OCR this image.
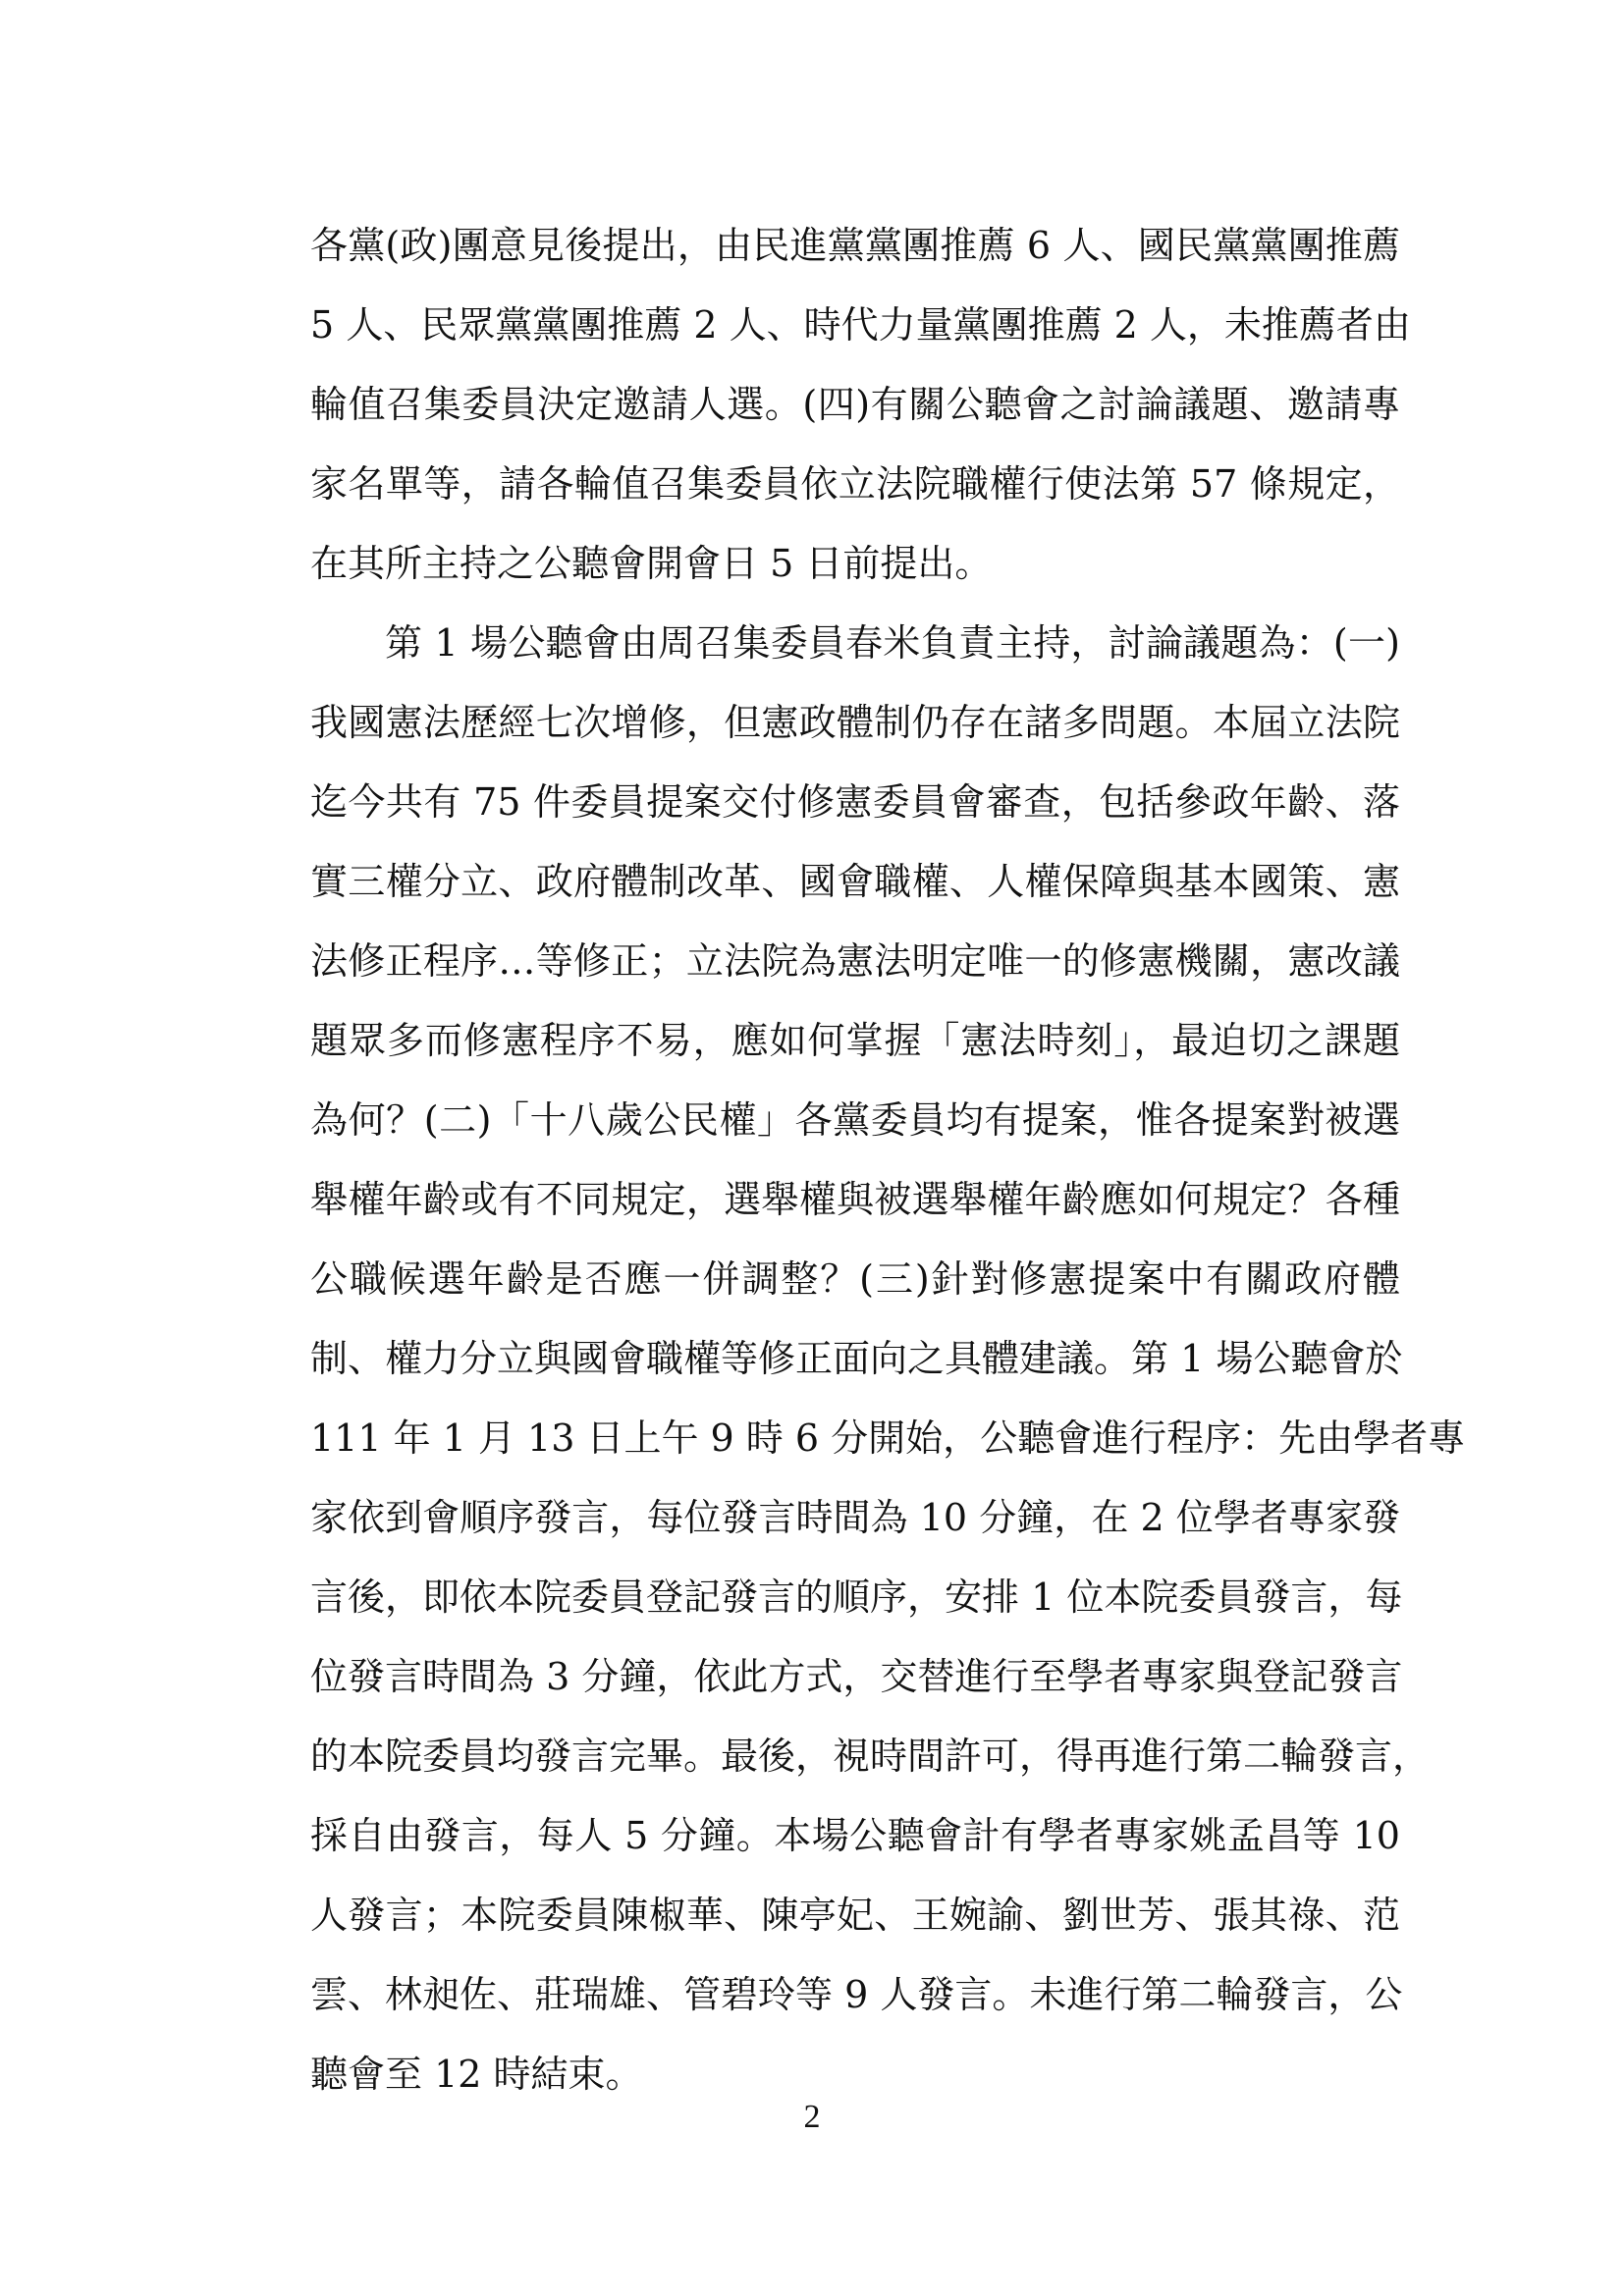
各黨(政)團意見後提出，由民進黨黨團推薦 6 人、國民黨黨團推薦
5 人、民眾黨黨團推薦 2 人、時代力量黨團推薦 2 人，未推薦者由
輪值召集委員決定邀請人選。(四)有關公聽會之討論議題、邀請專
家名單等，請各輪值召集委員依立法院職權行使法第 57 條規定，
在其所主持之公聽會開會日 5 日前提出。
第 1 場公聽會由周召集委員春米負責主持，討論議題為：(一)
我國憲法歷經七次增修，但憲政體制仍存在諸多問題。本屆立法院
迄今共有 75 件委員提案交付修憲委員會審查，包括參政年齡、落
實三權分立、政府體制改革、國會職權、人權保障與基本國策、憲
法修正程序…等修正；立法院為憲法明定唯一的修憲機關，憲改議
題眾多而修憲程序不易，應如何掌握「憲法時刻」，最迫切之課題
為何？(二)「十八歲公民權」各黨委員均有提案，惟各提案對被選
舉權年齡或有不同規定，選舉權與被選舉權年齡應如何規定？各種
公職候選年齡是否應一併調整？(三)針對修憲提案中有關政府體
制、權力分立與國會職權等修正面向之具體建議。第 1 場公聽會於
111 年 1 月 13 日上午 9 時 6 分開始，公聽會進行程序：先由學者專
家依到會順序發言，每位發言時間為 10 分鐘，在 2 位學者專家發
言後，即依本院委員登記發言的順序，安排 1 位本院委員發言，每
位發言時間為 3 分鐘，依此方式，交替進行至學者專家與登記發言
的本院委員均發言完畢。最後，視時間許可，得再進行第二輪發言，
採自由發言，每人 5 分鐘。本場公聽會計有學者專家姚孟昌等 10
人發言；本院委員陳椒華、陳亭妃、王婉諭、劉世芳、張其祿、范
雲、林昶佐、莊瑞雄、管碧玲等 9 人發言。未進行第二輪發言，公
聽會至 12 時結束。
2
